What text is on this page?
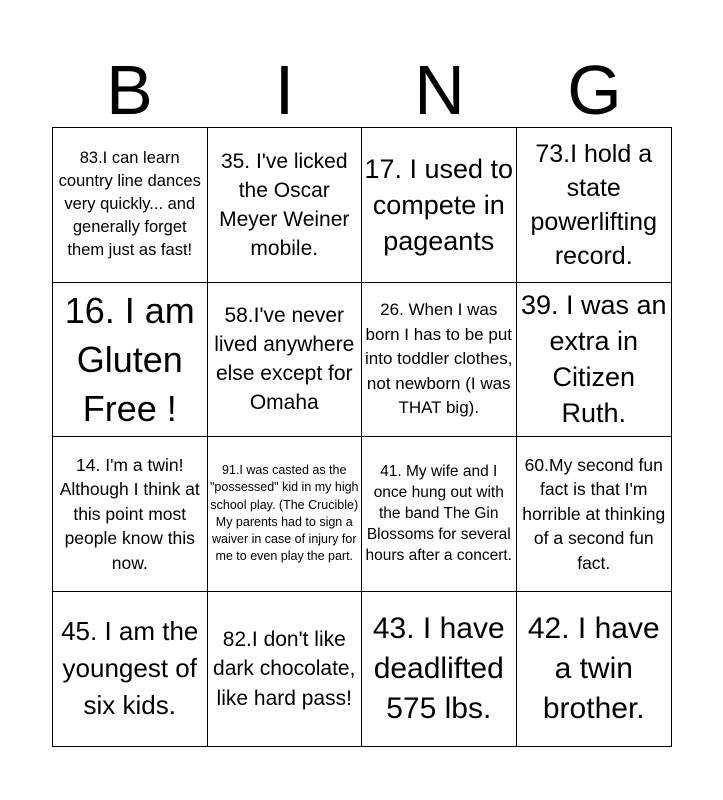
B	I	N	G
83.I can learn country line dances very quickly... and generally forget them just as fast!
35. I've licked the Oscar Meyer Weiner mobile.
17. I used to compete in pageants
73.I hold a state powerlifting record.
16. I am Gluten Free !
58.I've never lived anywhere else except for Omaha
26. When I was born I has to be put into toddler clothes, not newborn (I was THAT big).
39. I was an extra in Citizen Ruth.
14. I'm a twin! Although I think at this point most people know this now.
91.I was casted as the "possessed" kid in my high school play. (The Crucible) My parents had to sign a waiver in case of injury for me to even play the part.
41. My wife and I once hung out with the band The Gin Blossoms for several hours after a concert.
60.My second fun fact is that I'm horrible at thinking of a second fun fact.
45. I am the youngest of six kids.
82.I don't like dark chocolate, like hard pass!
43. I have deadlifted 575 lbs.
42. I have a twin brother.
